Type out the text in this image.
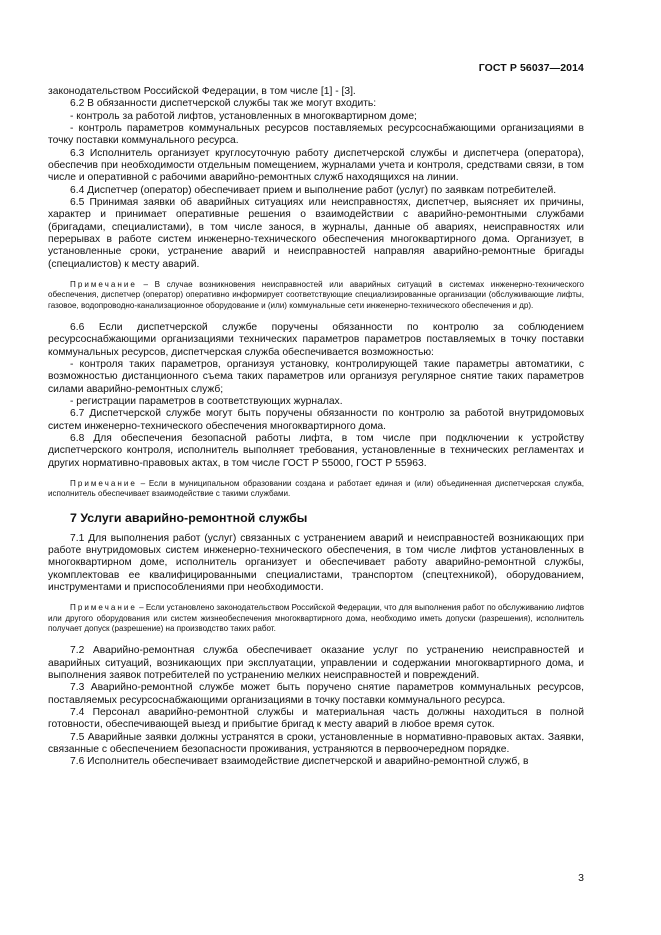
ГОСТ Р 56037—2014

законодательством Российской Федерации, в том числе [1] - [3].

6.2 В обязанности диспетчерской службы так же могут входить:

- контроль за работой лифтов, установленных в многоквартирном доме;

- контроль параметров коммунальных ресурсов поставляемых ресурсоснабжающими организациями в точку поставки коммунального ресурса.

6.3 Исполнитель организует круглосуточную работу диспетчерской службы и диспетчера (оператора), обеспечив при необходимости отдельным помещением, журналами учета и контроля, средствами связи, в том числе и оперативной с рабочими аварийно-ремонтных служб находящихся на линии.

6.4 Диспетчер (оператор) обеспечивает прием и выполнение работ (услуг) по заявкам потребителей.

6.5 Принимая заявки об аварийных ситуациях или неисправностях, диспетчер, выясняет их причины, характер и принимает оперативные решения о взаимодействии с аварийно-ремонтными службами (бригадами, специалистами), в том числе занося, в журналы, данные об авариях, неисправностях или перерывах в работе систем инженерно-технического обеспечения многоквартирного дома. Организует, в установленные сроки, устранение аварий и неисправностей направляя аварийно-ремонтные бригады (специалистов) к месту аварий.

Примечание – В случае возникновения неисправностей или аварийных ситуаций в системах инженерно-технического обеспечения, диспетчер (оператор) оперативно информирует соответствующие специализированные организации (обслуживающие лифты, газовое, водопроводно-канализационное оборудование и (или) коммунальные сети инженерно-технического обеспечения и др).

6.6 Если диспетчерской службе поручены обязанности по контролю за соблюдением ресурсоснабжающими организациями технических параметров параметров поставляемых в точку поставки коммунальных ресурсов, диспетчерская служба обеспечивается возможностью:

- контроля таких параметров, организуя установку, контролирующей такие параметры автоматики, с возможностью дистанционного съема таких параметров или организуя регулярное снятие таких параметров силами аварийно-ремонтных служб;

- регистрации параметров в соответствующих журналах.

6.7 Диспетчерской службе могут быть поручены обязанности по контролю за работой внутридомовых систем инженерно-технического обеспечения многоквартирного дома.

6.8 Для обеспечения безопасной работы лифта, в том числе при подключении к устройству диспетчерского контроля, исполнитель выполняет требования, установленные в технических регламентах и других нормативно-правовых актах, в том числе ГОСТ Р 55000, ГОСТ Р 55963.

Примечание – Если в муниципальном образовании создана и работает единая и (или) объединенная диспетчерская служба, исполнитель обеспечивает взаимодействие с такими службами.
7 Услуги аварийно-ремонтной службы

7.1 Для выполнения работ (услуг) связанных с устранением аварий и неисправностей возникающих при работе внутридомовых систем инженерно-технического обеспечения, в том числе лифтов установленных в многоквартирном доме, исполнитель организует и обеспечивает работу аварийно-ремонтной службы, укомплектовав ее квалифицированными специалистами, транспортом (спецтехникой), оборудованием, инструментами и приспособлениями при необходимости.

Примечание – Если установлено законодательством Российской Федерации, что для выполнения работ по обслуживанию лифтов или другого оборудования или систем жизнеобеспечения многоквартирного дома, необходимо иметь допуски (разрешения), исполнитель получает допуск (разрешение) на производство таких работ.

7.2 Аварийно-ремонтная служба обеспечивает оказание услуг по устранению неисправностей и аварийных ситуаций, возникающих при эксплуатации, управлении и содержании многоквартирного дома, и выполнения заявок потребителей по устранению мелких неисправностей и повреждений.

7.3 Аварийно-ремонтной службе может быть поручено снятие параметров коммунальных ресурсов, поставляемых ресурсоснабжающими организациями в точку поставки коммунального ресурса.

7.4 Персонал аварийно-ремонтной службы и материальная часть должны находиться в полной готовности, обеспечивающей выезд и прибытие бригад к месту аварий в любое время суток.

7.5 Аварийные заявки должны устранятся в сроки, установленные в нормативно-правовых актах. Заявки, связанные с обеспечением безопасности проживания, устраняются в первоочередном порядке.

7.6 Исполнитель обеспечивает взаимодействие диспетчерской и аварийно-ремонтной служб, в

3
